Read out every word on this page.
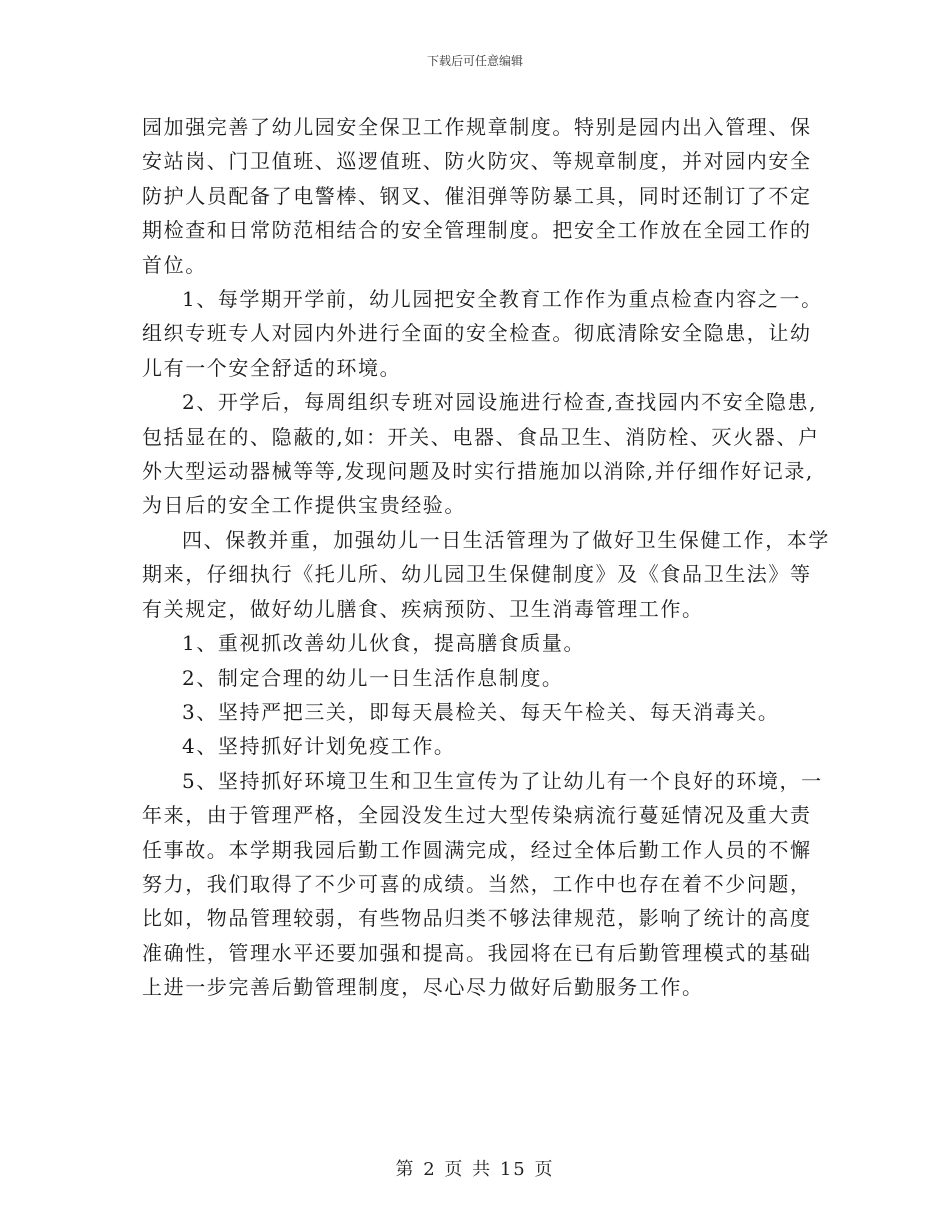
下载后可任意编辑

园加强完善了幼儿园安全保卫工作规章制度。特别是园内出入管理、保安站岗、门卫值班、巡逻值班、防火防灾、等规章制度，并对园内安全防护人员配备了电警棒、钢叉、催泪弹等防暴工具，同时还制订了不定期检查和日常防范相结合的安全管理制度。把安全工作放在全园工作的首位。

1、每学期开学前，幼儿园把安全教育工作作为重点检查内容之一。组织专班专人对园内外进行全面的安全检查。彻底清除安全隐患，让幼儿有一个安全舒适的环境。

2、开学后，每周组织专班对园设施进行检查,查找园内不安全隐患,包括显在的、隐蔽的,如：开关、电器、食品卫生、消防栓、灭火器、户外大型运动器械等等,发现问题及时实行措施加以消除,并仔细作好记录,为日后的安全工作提供宝贵经验。

四、保教并重，加强幼儿一日生活管理为了做好卫生保健工作，本学期来，仔细执行《托儿所、幼儿园卫生保健制度》及《食品卫生法》等有关规定，做好幼儿膳食、疾病预防、卫生消毒管理工作。

1、重视抓改善幼儿伙食，提高膳食质量。

2、制定合理的幼儿一日生活作息制度。

3、坚持严把三关，即每天晨检关、每天午检关、每天消毒关。

4、坚持抓好计划免疫工作。

5、坚持抓好环境卫生和卫生宣传为了让幼儿有一个良好的环境，一年来，由于管理严格，全园没发生过大型传染病流行蔓延情况及重大责任事故。本学期我园后勤工作圆满完成，经过全体后勤工作人员的不懈努力，我们取得了不少可喜的成绩。当然，工作中也存在着不少问题，比如，物品管理较弱，有些物品归类不够法律规范，影响了统计的高度准确性，管理水平还要加强和提高。我园将在已有后勤管理模式的基础上进一步完善后勤管理制度，尽心尽力做好后勤服务工作。

第 2 页 共 15 页
